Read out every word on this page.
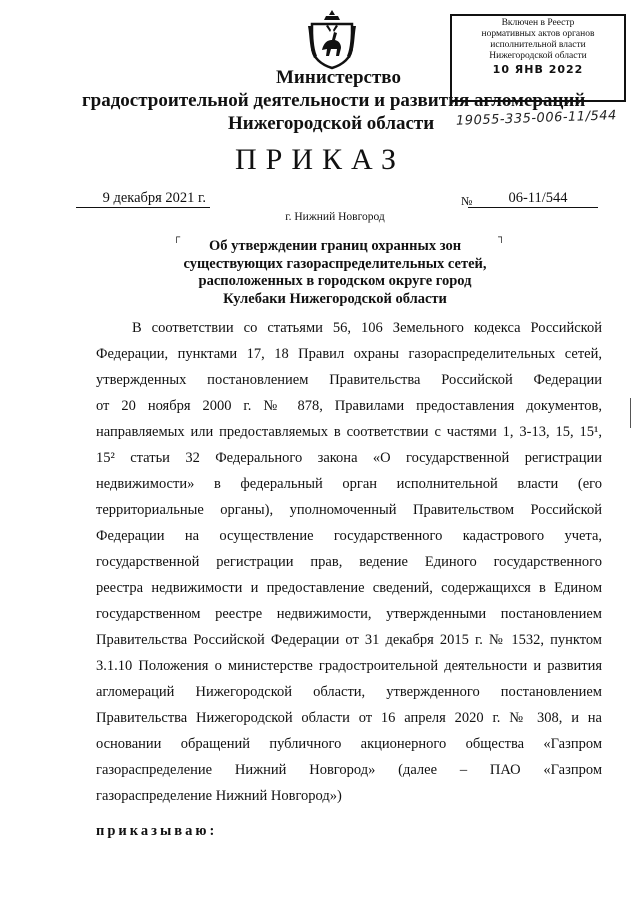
Включен в Реестр
нормативных актов органов
исполнительной власти
Нижегородской области
10 ЯНВ 2022
Министерство
градостроительной деятельности и развития агломераций
Нижегородской области 19055-335-006-11/544
ПРИКАЗ
9 декабря 2021 г.	№	06-11/544
г. Нижний Новгород
┌	┐
Об утверждении границ охранных зон
существующих газораспределительных сетей,
расположенных в городском округе город
Кулебаки Нижегородской области
В соответствии со статьями 56, 106 Земельного кодекса Российской
Федерации, пунктами 17, 18 Правил охраны газораспределительных сетей,
утвержденных постановлением Правительства Российской Федерации
от 20 ноября 2000 г. № 878, Правилами предоставления документов,
направляемых или предоставляемых в соответствии с частями 1, 3-13, 15, 15¹,
15² статьи 32 Федерального закона «О государственной регистрации
недвижимости» в федеральный орган исполнительной власти (его
территориальные органы), уполномоченный Правительством Российской
Федерации на осуществление государственного кадастрового учета,
государственной регистрации прав, ведение Единого государственного
реестра недвижимости и предоставление сведений, содержащихся в Едином
государственном реестре недвижимости, утвержденными постановлением
Правительства Российской Федерации от 31 декабря 2015 г. № 1532, пунктом
3.1.10 Положения о министерстве градостроительной деятельности и развития
агломераций Нижегородской области, утвержденного постановлением
Правительства Нижегородской области от 16 апреля 2020 г. № 308, и на
основании обращений публичного акционерного общества «Газпром
газораспределение Нижний Новгород» (далее – ПАО «Газпром
газораспределение Нижний Новгород»)
приказываю:
